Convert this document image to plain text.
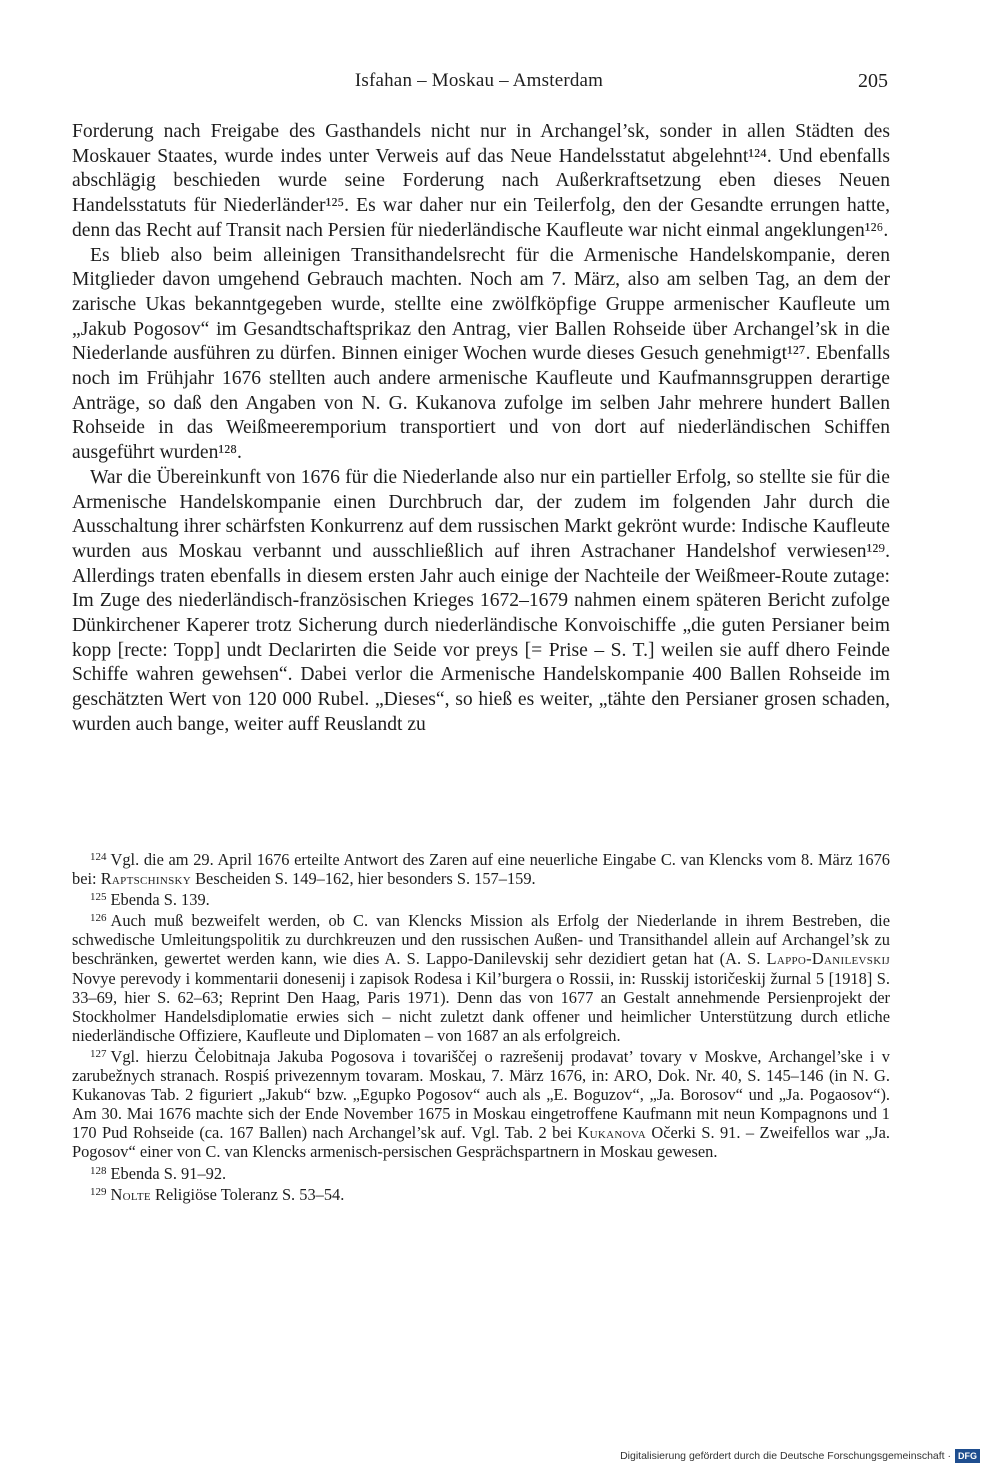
Isfahan – Moskau – Amsterdam	205

Forderung nach Freigabe des Gasthandels nicht nur in Archangel’sk, sonder in allen Städten des Moskauer Staates, wurde indes unter Verweis auf das Neue Handelsstatut abgelehnt¹²⁴. Und ebenfalls abschlägig beschieden wurde seine Forderung nach Außerkraftsetzung eben dieses Neuen Handelsstatuts für Niederländer¹²⁵. Es war daher nur ein Teilerfolg, den der Gesandte errungen hatte, denn das Recht auf Transit nach Persien für niederländische Kaufleute war nicht einmal angeklungen¹²⁶.

Es blieb also beim alleinigen Transithandelsrecht für die Armenische Handelskompanie, deren Mitglieder davon umgehend Gebrauch machten. Noch am 7. März, also am selben Tag, an dem der zarische Ukas bekanntgegeben wurde, stellte eine zwölfköpfige Gruppe armenischer Kaufleute um „Jakub Pogosov“ im Gesandtschaftsprikaz den Antrag, vier Ballen Rohseide über Archangel’sk in die Niederlande ausführen zu dürfen. Binnen einiger Wochen wurde dieses Gesuch genehmigt¹²⁷. Ebenfalls noch im Frühjahr 1676 stellten auch andere armenische Kaufleute und Kaufmannsgruppen derartige Anträge, so daß den Angaben von N. G. Kukanova zufolge im selben Jahr mehrere hundert Ballen Rohseide in das Weißmeeremporium transportiert und von dort auf niederländischen Schiffen ausgeführt wurden¹²⁸.

War die Übereinkunft von 1676 für die Niederlande also nur ein partieller Erfolg, so stellte sie für die Armenische Handelskompanie einen Durchbruch dar, der zudem im folgenden Jahr durch die Ausschaltung ihrer schärfsten Konkurrenz auf dem russischen Markt gekrönt wurde: Indische Kaufleute wurden aus Moskau verbannt und ausschließlich auf ihren Astrachaner Handelshof verwiesen¹²⁹. Allerdings traten ebenfalls in diesem ersten Jahr auch einige der Nachteile der Weißmeer-Route zutage: Im Zuge des niederländisch-französischen Krieges 1672–1679 nahmen einem späteren Bericht zufolge Dünkirchener Kaperer trotz Sicherung durch niederländische Konvoischiffe „die guten Persianer beim kopp [recte: Topp] undt Declarirten die Seide vor preys [= Prise – S. T.] weilen sie auff dhero Feinde Schiffe wahren gewehsen“. Dabei verlor die Armenische Handelskompanie 400 Ballen Rohseide im geschätzten Wert von 120 000 Rubel. „Dieses“, so hieß es weiter, „tähte den Persianer grosen schaden, wurden auch bange, weiter auff Reuslandt zu

$^{124}$ Vgl. die am 29. April 1676 erteilte Antwort des Zaren auf eine neuerliche Eingabe C. van Klencks vom 8. März 1676 bei: Raptschinsky Bescheiden S. 149–162, hier besonders S. 157–159.

$^{125}$ Ebenda S. 139.

$^{126}$ Auch muß bezweifelt werden, ob C. van Klencks Mission als Erfolg der Niederlande in ihrem Bestreben, die schwedische Umleitungspolitik zu durchkreuzen und den russischen Außen- und Transithandel allein auf Archangel’sk zu beschränken, gewertet werden kann, wie dies A. S. Lappo-Danilevskij sehr dezidiert getan hat (A. S. Lappo-Danilevskij Novye perevody i kommentarii donesenij i zapisok Rodesa i Kil’burgera o Rossii, in: Russkij istoričeskij žurnal 5 [1918] S. 33–69, hier S. 62–63; Reprint Den Haag, Paris 1971). Denn das von 1677 an Gestalt annehmende Persienprojekt der Stockholmer Handelsdiplomatie erwies sich – nicht zuletzt dank offener und heimlicher Unterstützung durch etliche niederländische Offiziere, Kaufleute und Diplomaten – von 1687 an als erfolgreich.

$^{127}$ Vgl. hierzu Čelobitnaja Jakuba Pogosova i tovariščej o razrešenij prodavat’ tovary v Moskve, Archangel’ske i v zarubežnych stranach. Rospiś privezennym tovaram. Moskau, 7. März 1676, in: ARO, Dok. Nr. 40, S. 145–146 (in N. G. Kukanovas Tab. 2 figuriert „Jakub“ bzw. „Egupko Pogosov“ auch als „E. Boguzov“, „Ja. Borosov“ und „Ja. Pogaosov“). Am 30. Mai 1676 machte sich der Ende November 1675 in Moskau eingetroffene Kaufmann mit neun Kompagnons und 1 170 Pud Rohseide (ca. 167 Ballen) nach Archangel’sk auf. Vgl. Tab. 2 bei Kukanova Očerki S. 91. – Zweifellos war „Ja. Pogosov“ einer von C. van Klencks armenisch-persischen Gesprächspartnern in Moskau gewesen.

$^{128}$ Ebenda S. 91–92.

$^{129}$ Nolte Religiöse Toleranz S. 53–54.

Digitalisierung gefördert durch die Deutsche Forschungsgemeinschaft · DFG
